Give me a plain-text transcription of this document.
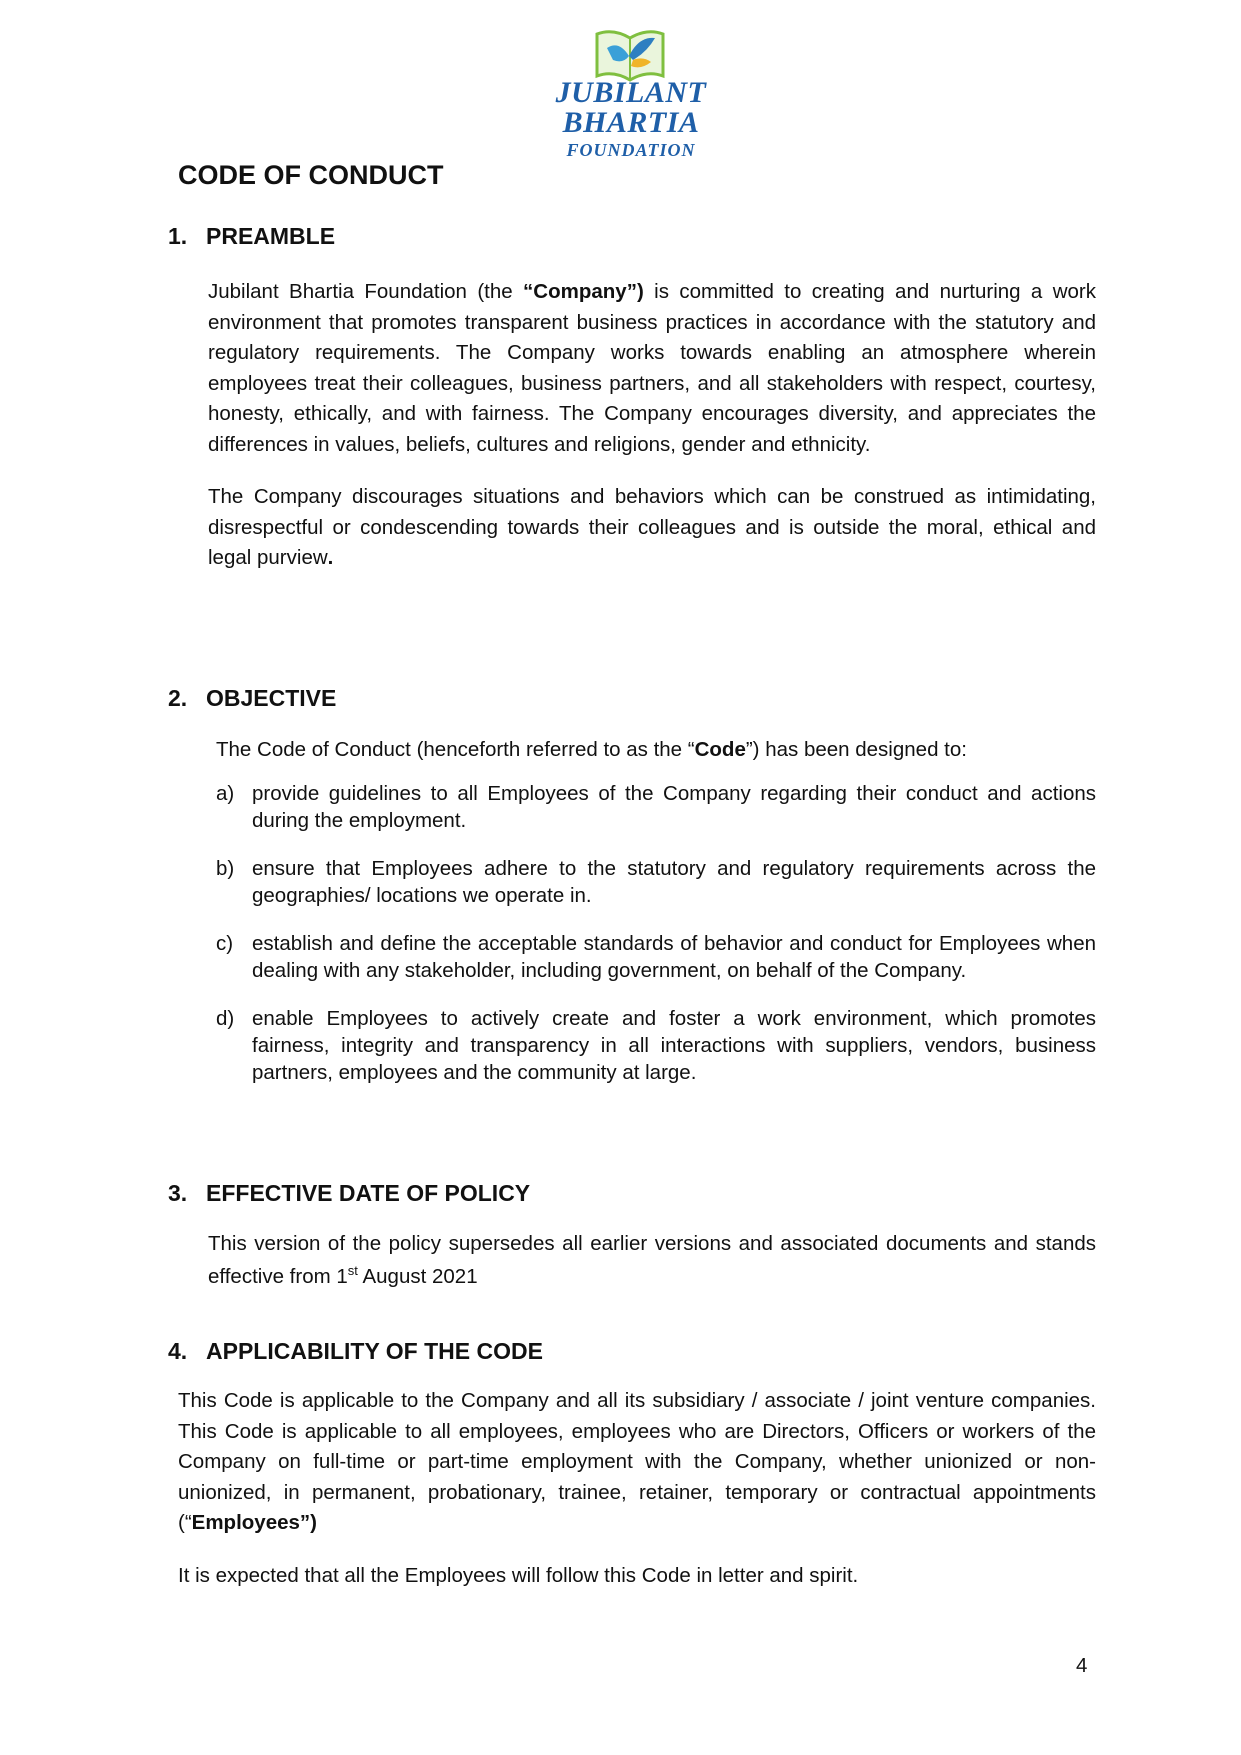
JUBILANT
BHARTIA
FOUNDATION
CODE OF CONDUCT
1. PREAMBLE

Jubilant Bhartia Foundation (the “Company”) is committed to creating and nurturing a work environment that promotes transparent business practices in accordance with the statutory and regulatory requirements. The Company works towards enabling an atmosphere wherein employees treat their colleagues, business partners, and all stakeholders with respect, courtesy, honesty, ethically, and with fairness. The Company encourages diversity, and appreciates the differences in values, beliefs, cultures and religions, gender and ethnicity.

The Company discourages situations and behaviors which can be construed as intimidating, disrespectful or condescending towards their colleagues and is outside the moral, ethical and legal purview.

2. OBJECTIVE

The Code of Conduct (henceforth referred to as the “Code”) has been designed to:

a) provide guidelines to all Employees of the Company regarding their conduct and actions during the employment.
b) ensure that Employees adhere to the statutory and regulatory requirements across the geographies/ locations we operate in.
c) establish and define the acceptable standards of behavior and conduct for Employees when dealing with any stakeholder, including government, on behalf of the Company.
d) enable Employees to actively create and foster a work environment, which promotes fairness, integrity and transparency in all interactions with suppliers, vendors, business partners, employees and the community at large.
3. EFFECTIVE DATE OF POLICY

This version of the policy supersedes all earlier versions and associated documents and stands effective from 1st August 2021

4. APPLICABILITY OF THE CODE

This Code is applicable to the Company and all its subsidiary / associate / joint venture companies. This Code is applicable to all employees, employees who are Directors, Officers or workers of the Company on full-time or part-time employment with the Company, whether unionized or non-unionized, in permanent, probationary, trainee, retainer, temporary or contractual appointments (“Employees”)

It is expected that all the Employees will follow this Code in letter and spirit.

4
